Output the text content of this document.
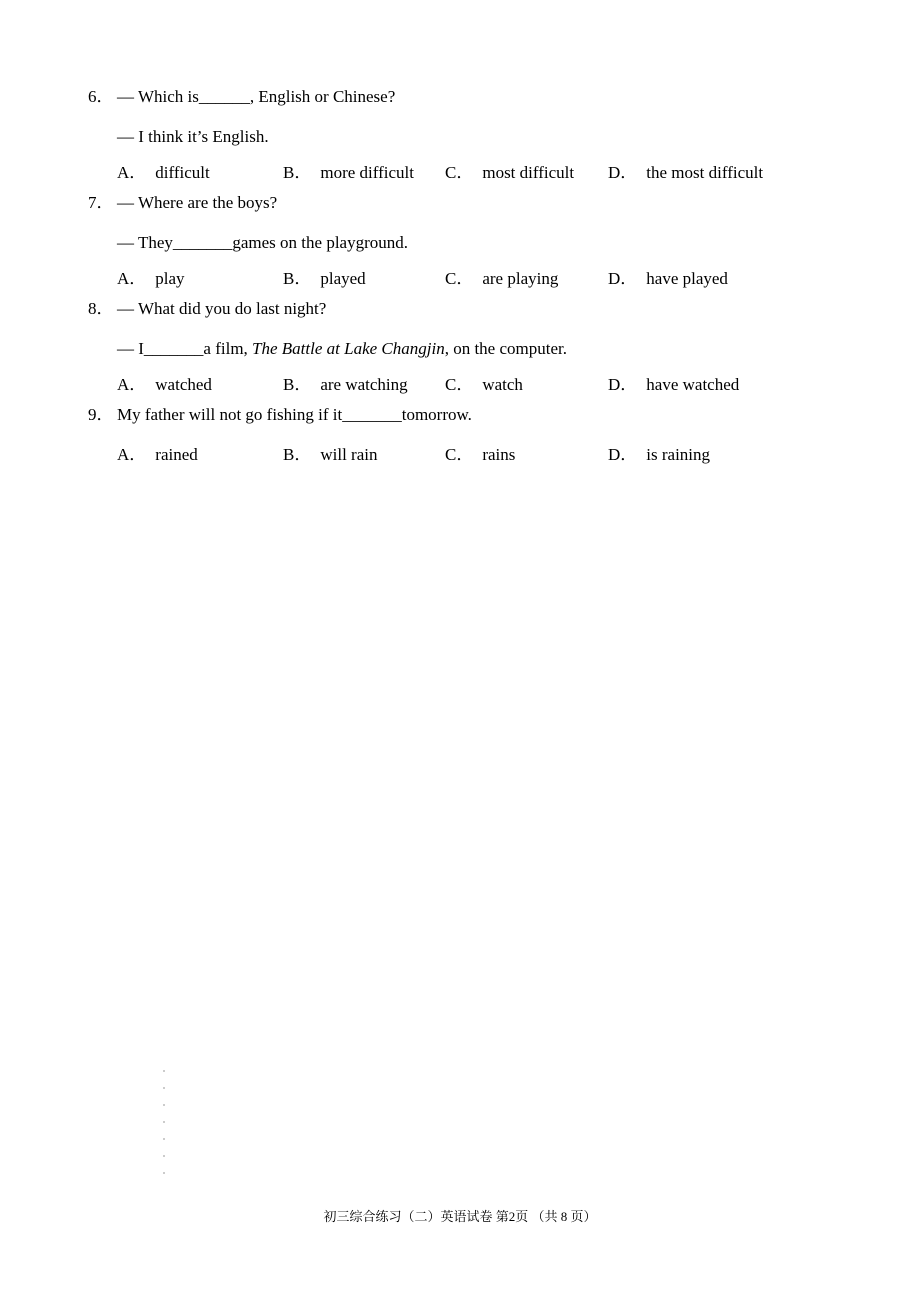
6． — Which is______, English or Chinese?
— I think it’s English.
A． difficult	B． more difficult C． most difficult D． the most difficult
7． — Where are the boys?
— They_______games on the playground.
A． play	B． played	C． are playing	D． have played
8． — What did you do last night?
— I_______a film, The Battle at Lake Changjin, on the computer.
A． watched	B． are watching C． watch	D． have watched
9． My father will not go fishing if it_______tomorrow.
A． rained	B． will rain	C． rains	D． is raining
初三综合练习（二）英语试卷 第2页 （共 8 页）
